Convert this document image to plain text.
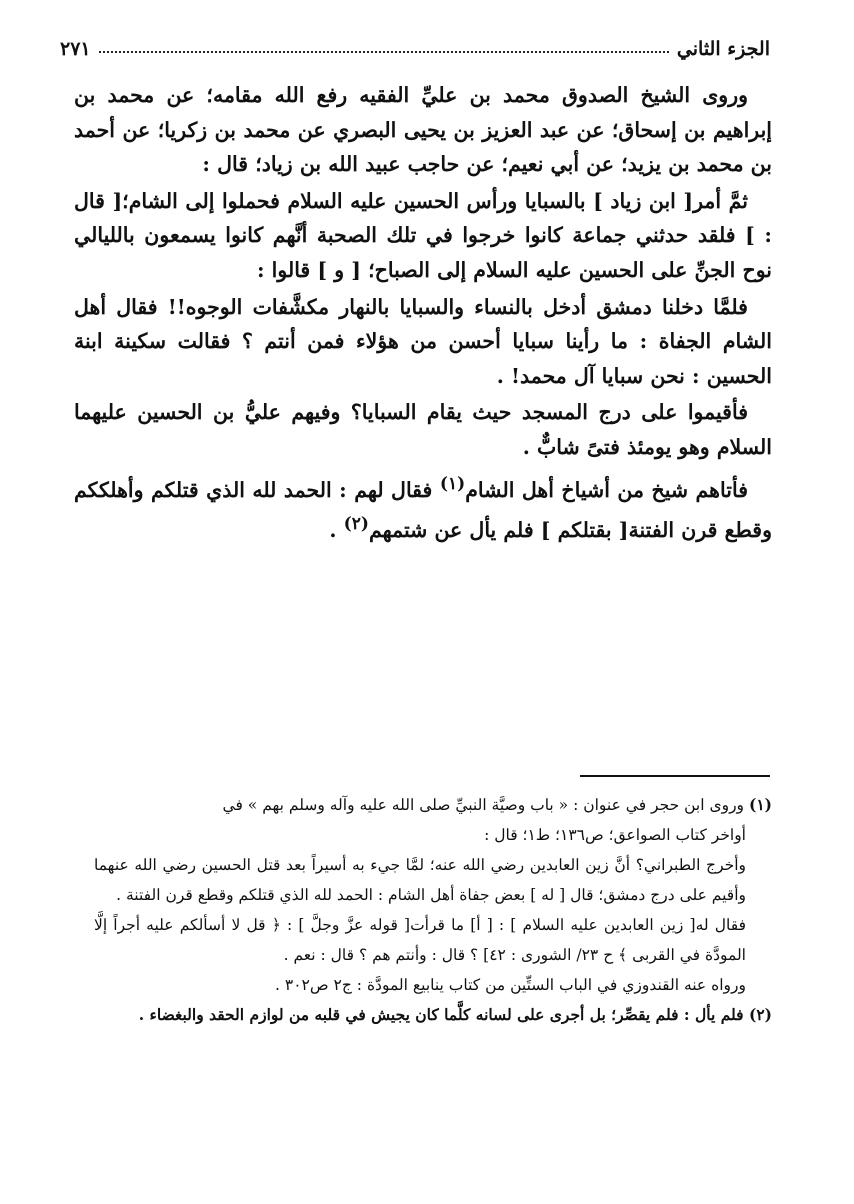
الجزء الثاني
٢٧١

وروى الشيخ الصدوق محمد بن عليِّ الفقيه رفع الله مقامه؛ عن محمد بن إبراهيم بن إسحاق؛ عن عبد العزيز بن يحيى البصري عن محمد بن زكريا؛ عن أحمد بن محمد بن يزيد؛ عن أبي نعيم؛ عن حاجب عبيد الله بن زياد؛ قال :

ثمَّ أمر[ ابن زياد ] بالسبايا ورأس الحسين عليه السلام فحملوا إلى الشام؛[ قال : ] فلقد حدثني جماعة كانوا خرجوا في تلك الصحبة أنَّهم كانوا يسمعون بالليالي نوح الجنِّ على الحسين عليه السلام إلى الصباح؛ [ و ] قالوا :

فلمَّا دخلنا دمشق أدخل بالنساء والسبايا بالنهار مكشَّفات الوجوه!! فقال أهل الشام الجفاة : ما رأينا سبايا أحسن من هؤلاء فمن أنتم ؟ فقالت سكينة ابنة الحسين : نحن سبايا آل محمد! .

فأقيموا على درج المسجد حيث يقام السبايا؟ وفيهم عليُّ بن الحسين عليهما السلام وهو يومئذ فتىً شابٌّ .

فأتاهم شيخ من أشياخ أهل الشام$^{(١)}$ فقال لهم : الحمد لله الذي قتلكم وأهلككم وقطع قرن الفتنة[ بقتلكم ] فلم يأل عن شتمهم$^{(٢)}$ .

(١) وروى ابن حجر في عنوان : « باب وصيَّة النبيِّ صلى الله عليه وآله وسلم بهم » في
أواخر كتاب الصواعق؛ ص١٣٦؛ ط١؛ قال :

وأخرج الطبراني؟ أنَّ زين العابدين رضي الله عنه؛ لمَّا جيء به أسيراً بعد قتل الحسين رضي الله عنهما وأقيم على درج دمشق؛ قال [ له ] بعض جفاة أهل الشام : الحمد لله الذي قتلكم وقطع قرن الفتنة .

فقال له[ زين العابدين عليه السلام ] : [ أ] ما قرأت[ قوله عزَّ وجلَّ ] : ﴿ قل لا أسألكم عليه أجراً إلَّا المودَّة في القربى ﴾ ح ٢٣/ الشورى : ٤٢] ؟ قال : وأنتم هم ؟ قال : نعم .

ورواه عنه القندوزي في الباب الستِّين من كتاب ينابيع المودَّة : ج٢ ص٣٠٢ .

(٢) فلم يأل : فلم يقصِّر؛ بل أجرى على لسانه كلَّما كان يجيش في قلبه من لوازم الحقد والبغضاء .
